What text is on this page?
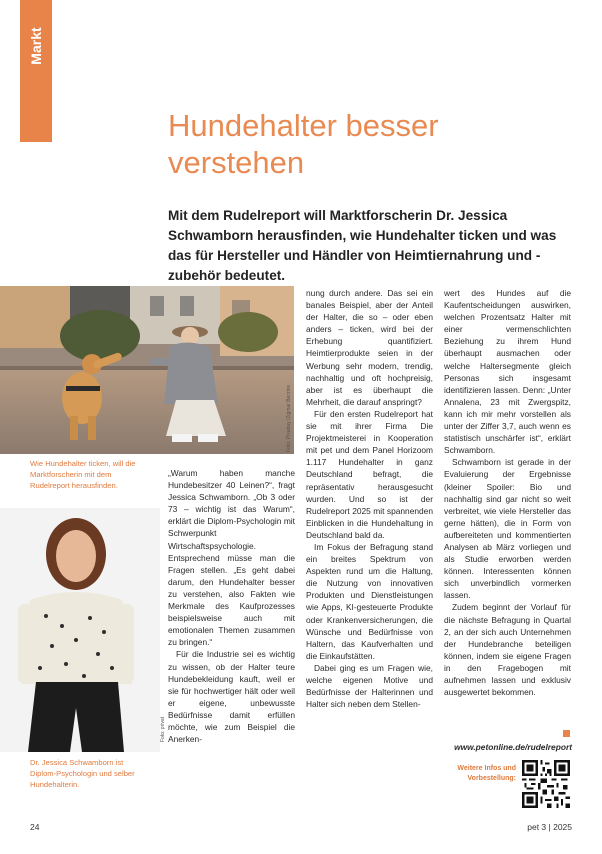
Markt
Hundehalter besser verstehen

Mit dem Rudelreport will Marktforscherin Dr. Jessica Schwamborn herausfinden, wie Hundehalter ticken und was das für Hersteller und Händler von Heimtiernahrung und -zubehör bedeutet.

Foto: Pixabay /Zigmar Berzins

Wie Hundehalter ticken, will die Marktforscherin mit dem Rudelreport herausfinden.

Foto: privat

Dr. Jessica Schwamborn ist Diplom-Psychologin und selber Hundehalterin.

„Warum haben manche Hundebesitzer 40 Leinen?“, fragt Jessica Schwamborn. „Ob 3 oder 73 – wichtig ist das Warum“, erklärt die Diplom-Psychologin mit Schwerpunkt Wirtschaftspsychologie. Entsprechend müsse man die Fragen stellen. „Es geht dabei darum, den Hundehalter besser zu verstehen, also Fakten wie Merkmale des Kaufprozesses beispielsweise auch mit emotionalen Themen zusammen zu bringen.“

Für die Industrie sei es wichtig zu wissen, ob der Halter teure Hundebekleidung kauft, weil er sie für hochwertiger hält oder weil er eigene, unbewusste Bedürfnisse damit erfüllen möchte, wie zum Beispiel die Anerken-

nung durch andere. Das sei ein banales Beispiel, aber der Anteil der Halter, die so – oder eben anders – ticken, wird bei der Erhebung quantifiziert. Heimtierprodukte seien in der Werbung sehr modern, trendig, nachhaltig und oft hochpreisig, aber ist es überhaupt die Mehrheit, die darauf anspringt?

Für den ersten Rudelreport hat sie mit ihrer Firma Die Projektmeisterei in Kooperation mit pet und dem Panel Horizoom 1.117 Hundehalter in ganz Deutschland befragt, die repräsentativ herausgesucht wurden. Und so ist der Rudelreport 2025 mit spannenden Einblicken in die Hundehaltung in Deutschland bald da.

Im Fokus der Befragung stand ein breites Spektrum von Aspekten rund um die Haltung, die Nutzung von innovativen Produkten und Dienstleistungen wie Apps, KI-gesteuerte Produkte oder Krankenversicherungen, die Wünsche und Bedürfnisse von Haltern, das Kaufverhalten und die Einkaufstätten.

Dabei ging es um Fragen wie, welche eigenen Motive und Bedürfnisse der Halterinnen und Halter sich neben dem Stellen-

wert des Hundes auf die Kaufentscheidungen auswirken, welchen Prozentsatz Halter mit einer vermenschlichten Beziehung zu ihrem Hund überhaupt ausmachen oder welche Haltersegmente gleich Personas sich insgesamt identifizieren lassen. Denn: „Unter Annalena, 23 mit Zwergspitz, kann ich mir mehr vorstellen als unter der Ziffer 3,7, auch wenn es statistisch unschärfer ist“, erklärt Schwamborn.

Schwamborn ist gerade in der Evaluierung der Ergebnisse (kleiner Spoiler: Bio und nachhaltig sind gar nicht so weit verbreitet, wie viele Hersteller das gerne hätten), die in Form von aufbereiteten und kommentierten Analysen ab März vorliegen und als Studie erworben werden können. Interessenten können sich unverbindlich vormerken lassen.

Zudem beginnt der Vorlauf für die nächste Befragung in Quartal 2, an der sich auch Unternehmen der Hundebranche beteiligen können, indem sie eigene Fragen in den Fragebogen mit aufnehmen lassen und exklusiv ausgewertet bekommen.

www.petonline.de/rudelreport
Weitere Infos und
Vorbestellung:
24	pet 3 | 2025
